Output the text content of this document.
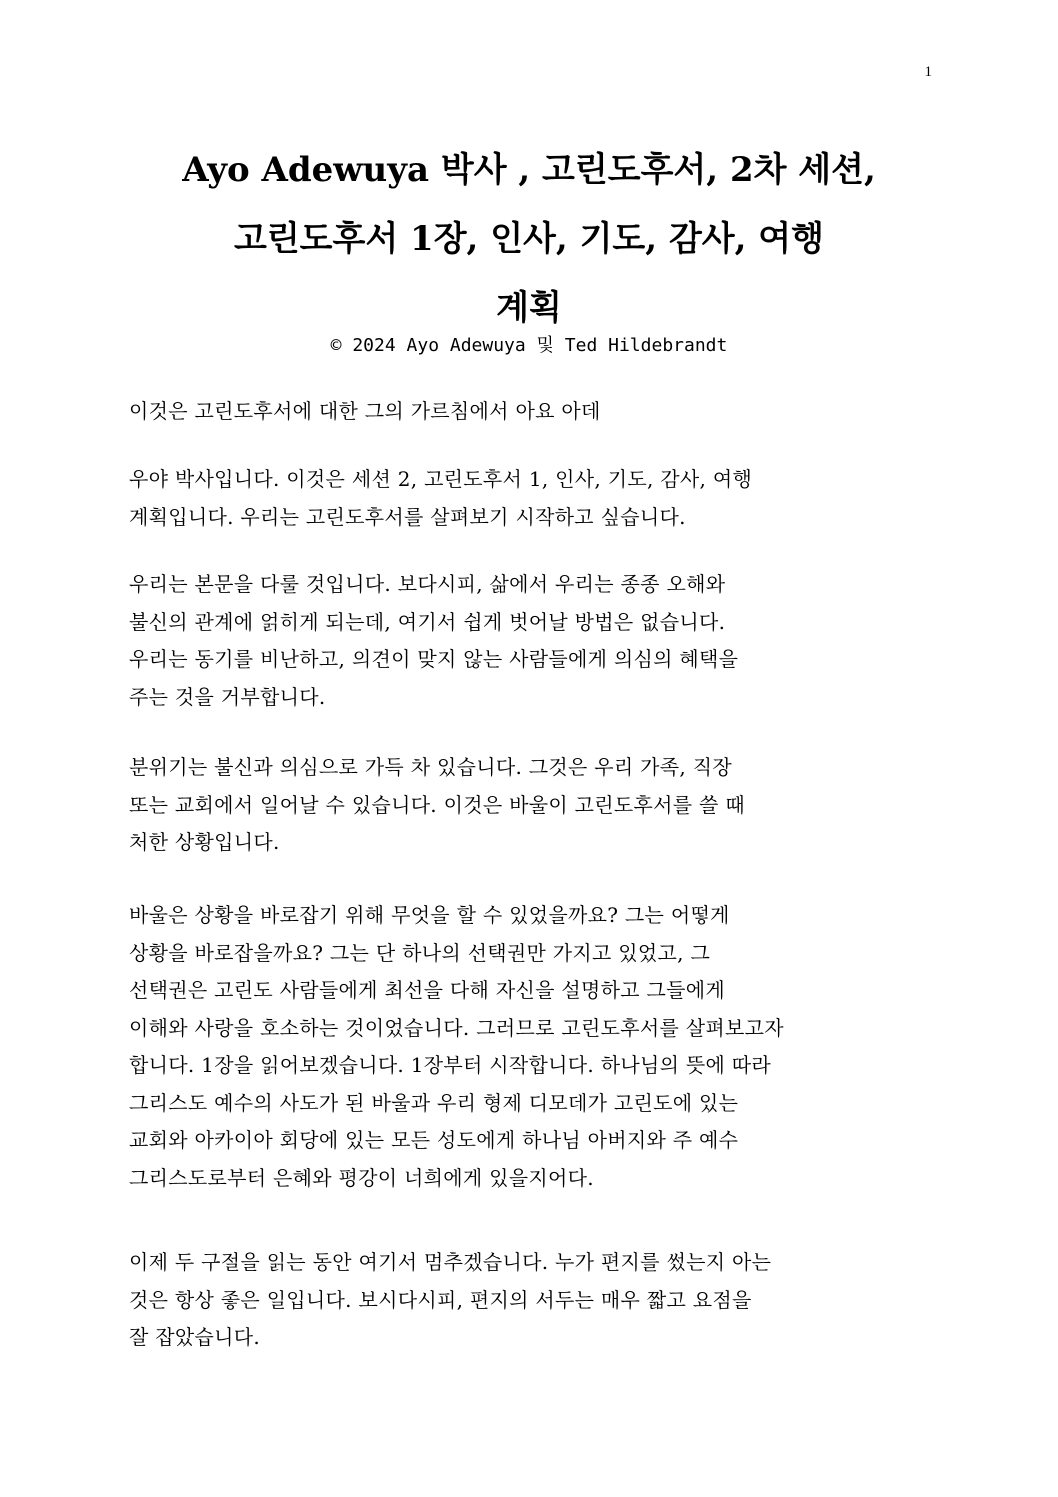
1
Ayo Adewuya 박사 , 고린도후서, 2차 세션,
고린도후서 1장, 인사, 기도, 감사, 여행
계획
© 2024 Ayo Adewuya 및 Ted Hildebrandt
이것은 고린도후서에 대한 그의 가르침에서 아요 아데
우야 박사입니다. 이것은 세션 2, 고린도후서 1, 인사, 기도, 감사, 여행
계획입니다. 우리는 고린도후서를 살펴보기 시작하고 싶습니다.
우리는 본문을 다룰 것입니다. 보다시피, 삶에서 우리는 종종 오해와
불신의 관계에 얽히게 되는데, 여기서 쉽게 벗어날 방법은 없습니다.
우리는 동기를 비난하고, 의견이 맞지 않는 사람들에게 의심의 혜택을
주는 것을 거부합니다.
분위기는 불신과 의심으로 가득 차 있습니다. 그것은 우리 가족, 직장
또는 교회에서 일어날 수 있습니다. 이것은 바울이 고린도후서를 쓸 때
처한 상황입니다.
바울은 상황을 바로잡기 위해 무엇을 할 수 있었을까요? 그는 어떻게
상황을 바로잡을까요? 그는 단 하나의 선택권만 가지고 있었고, 그
선택권은 고린도 사람들에게 최선을 다해 자신을 설명하고 그들에게
이해와 사랑을 호소하는 것이었습니다. 그러므로 고린도후서를 살펴보고자
합니다. 1장을 읽어보겠습니다. 1장부터 시작합니다. 하나님의 뜻에 따라
그리스도 예수의 사도가 된 바울과 우리 형제 디모데가 고린도에 있는
교회와 아카이아 회당에 있는 모든 성도에게 하나님 아버지와 주 예수
그리스도로부터 은혜와 평강이 너희에게 있을지어다.
이제 두 구절을 읽는 동안 여기서 멈추겠습니다. 누가 편지를 썼는지 아는
것은 항상 좋은 일입니다. 보시다시피, 편지의 서두는 매우 짧고 요점을
잘 잡았습니다.
